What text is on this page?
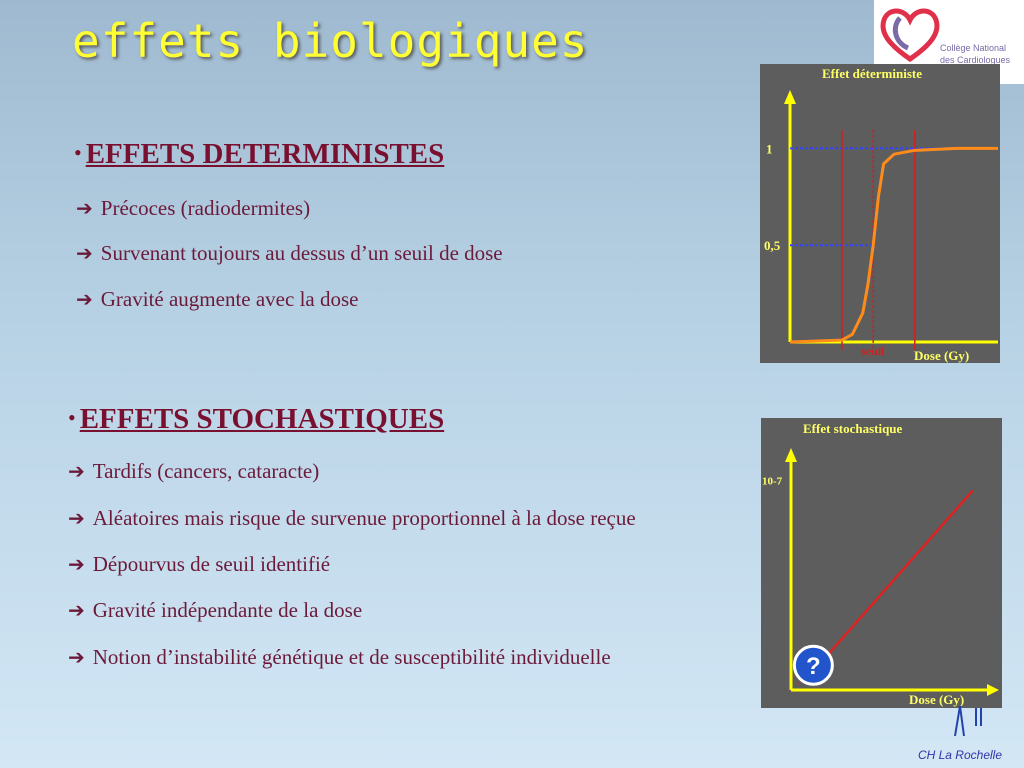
effets biologiques	Collège National
des Cardiologues
...raux
• EFFETS DETERMINISTES
➔ Précoces (radiodermites)
➔ Survenant toujours au dessus d’un seuil de dose
➔ Gravité augmente avec la dose
• EFFETS STOCHASTIQUES
➔ Tardifs (cancers, cataracte)
➔ Aléatoires mais risque de survenue proportionnel à la dose reçue
➔ Dépourvus de seuil identifié
➔ Gravité indépendante de la dose
➔ Notion d’instabilité génétique et de susceptibilité individuelle
Effet déterministe
1
0,5
seuil Dose (Gy)
Effet stochastique
10-7
Dose (Gy)
?
CH La Rochelle
